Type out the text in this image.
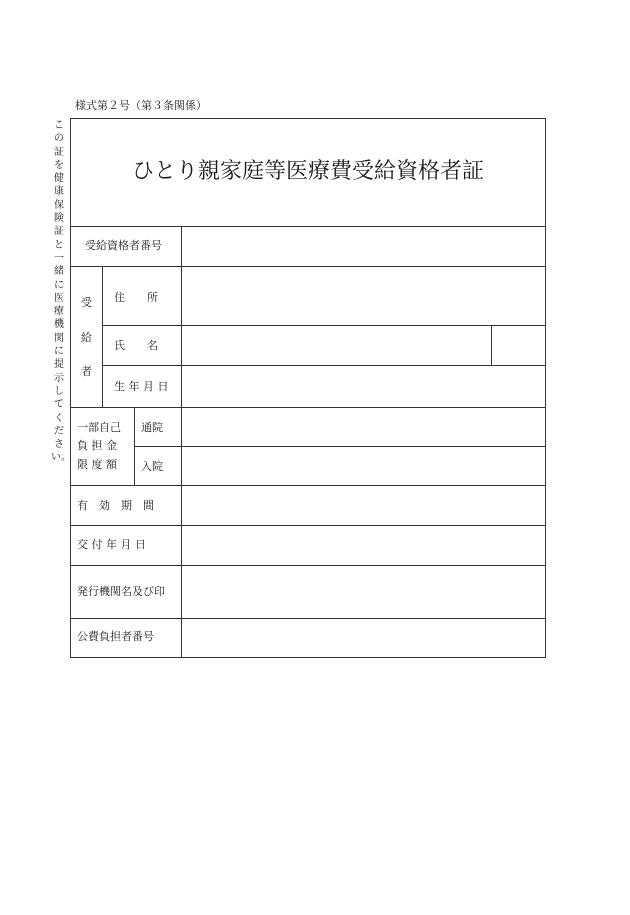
様式第２号（第３条関係）
この証を健康保険証と一緒に医療機関に提示してください。
ひとり親家庭等医療費受給資格者証
受給資格者番号
受
給
者
住　　所
氏　　名
生 年 月 日
一部自己
負 担 金
限 度 額
通院
入院
有　効　期　間
交 付 年 月 日
発行機関名及び印
公費負担者番号
